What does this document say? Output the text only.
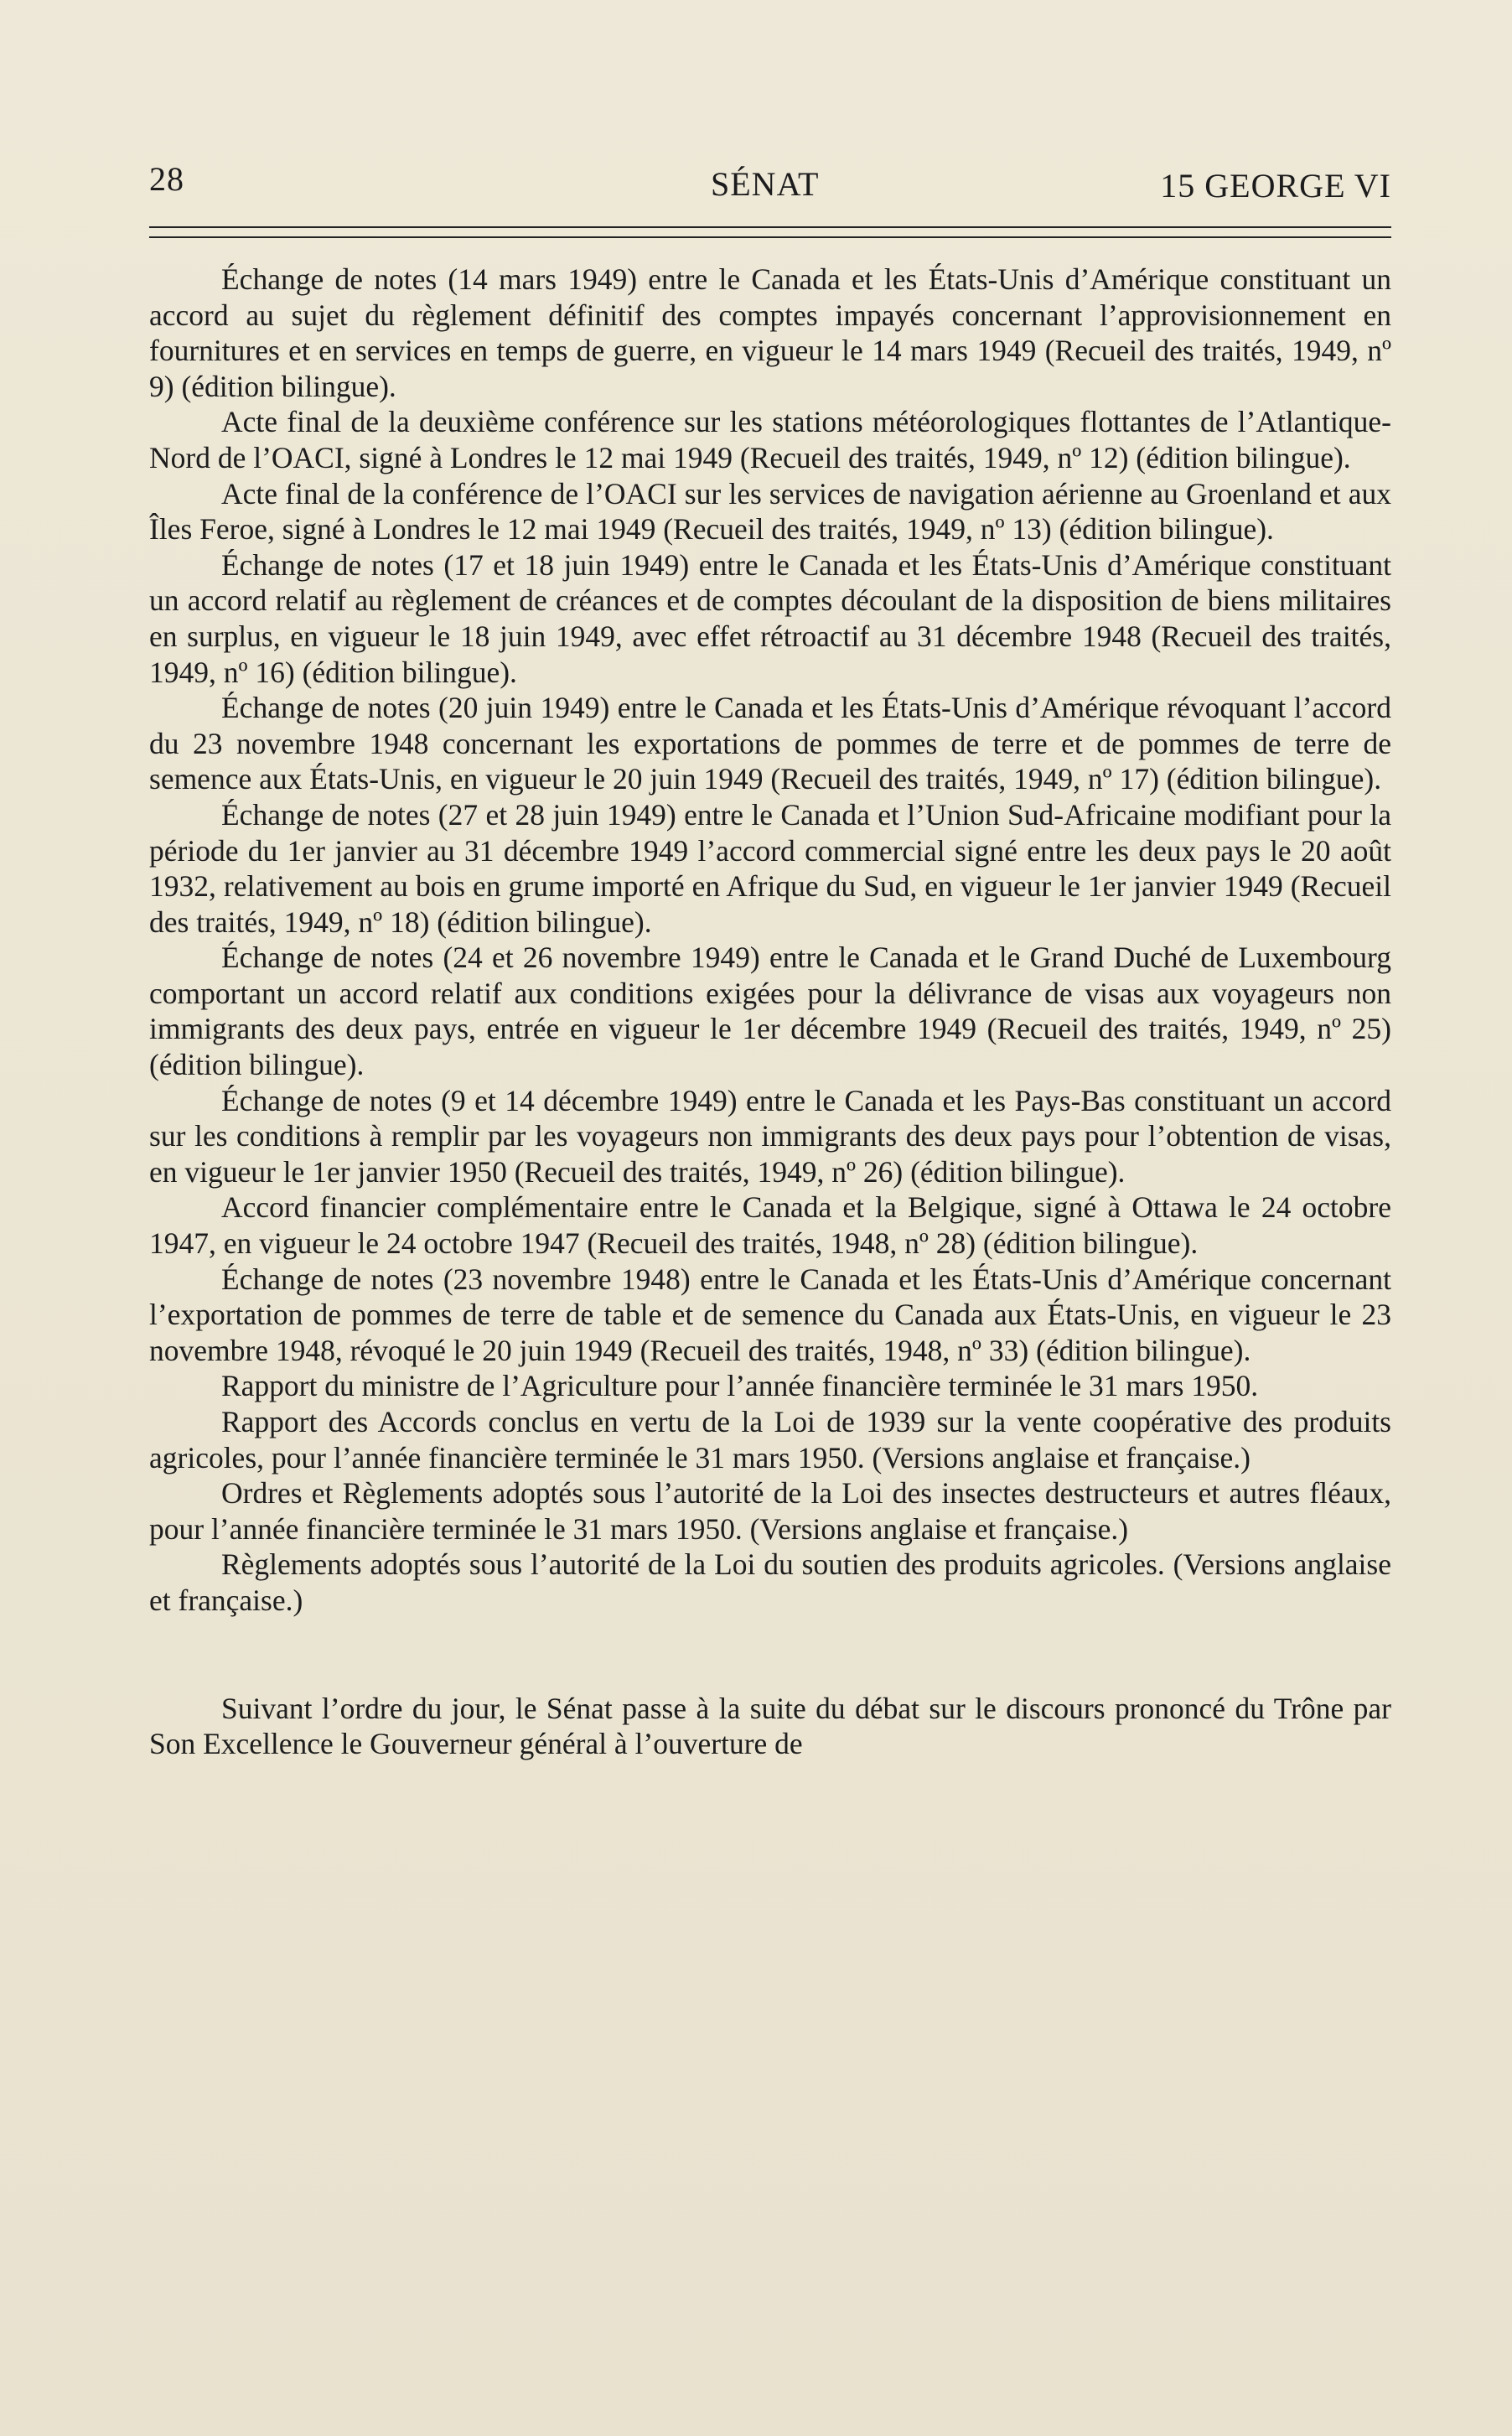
28	SÉNAT	15 GEORGE VI

Échange de notes (14 mars 1949) entre le Canada et les États-Unis d’Amérique constituant un accord au sujet du règlement définitif des comptes impayés concernant l’approvisionnement en fournitures et en services en temps de guerre, en vigueur le 14 mars 1949 (Recueil des traités, 1949, nº 9) (édition bilingue).

Acte final de la deuxième conférence sur les stations météorologiques flottantes de l’Atlantique-Nord de l’OACI, signé à Londres le 12 mai 1949 (Recueil des traités, 1949, nº 12) (édition bilingue).

Acte final de la conférence de l’OACI sur les services de navigation aérienne au Groenland et aux Îles Feroe, signé à Londres le 12 mai 1949 (Recueil des traités, 1949, nº 13) (édition bilingue).

Échange de notes (17 et 18 juin 1949) entre le Canada et les États-Unis d’Amérique constituant un accord relatif au règlement de créances et de comptes découlant de la disposition de biens militaires en surplus, en vigueur le 18 juin 1949, avec effet rétroactif au 31 décembre 1948 (Recueil des traités, 1949, nº 16) (édition bilingue).

Échange de notes (20 juin 1949) entre le Canada et les États-Unis d’Amérique révoquant l’accord du 23 novembre 1948 concernant les exportations de pommes de terre et de pommes de terre de semence aux États-Unis, en vigueur le 20 juin 1949 (Recueil des traités, 1949, nº 17) (édition bilingue).

Échange de notes (27 et 28 juin 1949) entre le Canada et l’Union Sud-Africaine modifiant pour la période du 1er janvier au 31 décembre 1949 l’accord commercial signé entre les deux pays le 20 août 1932, relativement au bois en grume importé en Afrique du Sud, en vigueur le 1er janvier 1949 (Recueil des traités, 1949, nº 18) (édition bilingue).

Échange de notes (24 et 26 novembre 1949) entre le Canada et le Grand Duché de Luxembourg comportant un accord relatif aux conditions exigées pour la délivrance de visas aux voyageurs non immigrants des deux pays, entrée en vigueur le 1er décembre 1949 (Recueil des traités, 1949, nº 25) (édition bilingue).

Échange de notes (9 et 14 décembre 1949) entre le Canada et les Pays-Bas constituant un accord sur les conditions à remplir par les voyageurs non immigrants des deux pays pour l’obtention de visas, en vigueur le 1er janvier 1950 (Recueil des traités, 1949, nº 26) (édition bilingue).

Accord financier complémentaire entre le Canada et la Belgique, signé à Ottawa le 24 octobre 1947, en vigueur le 24 octobre 1947 (Recueil des traités, 1948, nº 28) (édition bilingue).

Échange de notes (23 novembre 1948) entre le Canada et les États-Unis d’Amérique concernant l’exportation de pommes de terre de table et de semence du Canada aux États-Unis, en vigueur le 23 novembre 1948, révoqué le 20 juin 1949 (Recueil des traités, 1948, nº 33) (édition bilingue).

Rapport du ministre de l’Agriculture pour l’année financière terminée le 31 mars 1950.

Rapport des Accords conclus en vertu de la Loi de 1939 sur la vente coopérative des produits agricoles, pour l’année financière terminée le 31 mars 1950. (Versions anglaise et française.)

Ordres et Règlements adoptés sous l’autorité de la Loi des insectes destructeurs et autres fléaux, pour l’année financière terminée le 31 mars 1950. (Versions anglaise et française.)

Règlements adoptés sous l’autorité de la Loi du soutien des produits agricoles. (Versions anglaise et française.)

Suivant l’ordre du jour, le Sénat passe à la suite du débat sur le discours prononcé du Trône par Son Excellence le Gouverneur général à l’ouverture de
